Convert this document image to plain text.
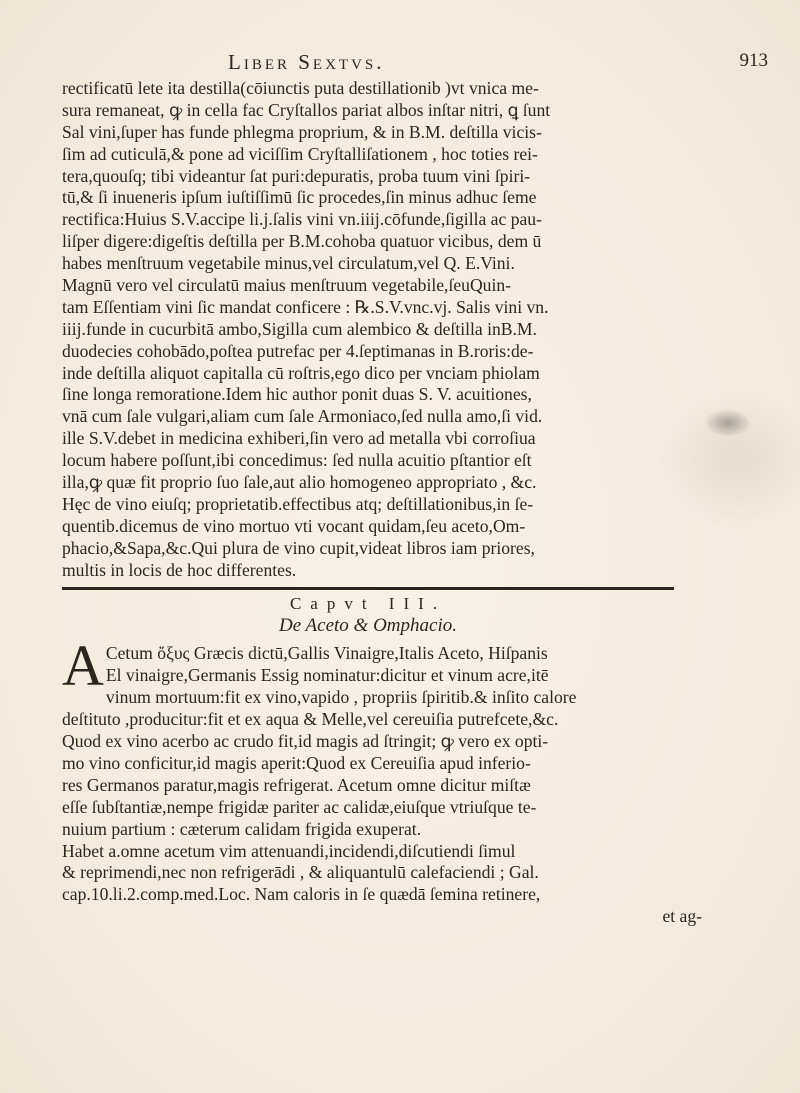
Liber Sextvs.	913
rectificatū lete ita destilla(cōiunctis puta destillationib )vt vnica me-
sura remaneat, ꝙ in cella fac Cryſtallos pariat albos inſtar nitri, ꝗ ſunt
Sal vini,ſuper has funde phlegma proprium, & in B.M. deſtilla vicis-
ſim ad cuticulā,& pone ad viciſſim Cryſtalliſationem , hoc toties rei-
tera,quouſq; tibi videantur ſat puri:depuratis, proba tuum vini ſpiri-
tū,& ſi inueneris ipſum iuſtiſſimū ſic procedes,ſin minus adhuc ſeme
rectifica:Huius S.V.accipe li.j.ſalis vini vn.iiij.cōfunde,ſigilla ac pau-
liſper digere:digeſtis deſtilla per B.M.cohoba quatuor vicibus, dem ū
habes menſtruum vegetabile minus,vel circulatum,vel Q. E.Vini.
Magnū vero vel circulatū maius menſtruum vegetabile,ſeuQuin-
tam Eſſentiam vini ſic mandat conficere : ℞.S.V.vnc.vj. Salis vini vn.
iiij.funde in cucurbitā ambo,Sigilla cum alembico & deſtilla inB.M.
duodecies cohobādo,poſtea putrefac per 4.ſeptimanas in B.roris:de-
inde deſtilla aliquot capitalla cū roſtris,ego dico per vnciam phiolam
ſine longa remoratione.Idem hic author ponit duas S. V. acuitiones,
vnā cum ſale vulgari,aliam cum ſale Armoniaco,ſed nulla amo,ſi vid.
ille S.V.debet in medicina exhiberi,ſin vero ad metalla vbi corroſiua
locum habere poſſunt,ibi concedimus: ſed nulla acuitio pſtantior eſt
illa,ꝙ quæ fit proprio ſuo ſale,aut alio homogeneo appropriato , &c.
Hęc de vino eiuſq; proprietatib.effectibus atq; deſtillationibus,in ſe-
quentib.dicemus de vino mortuo vti vocant quidam,ſeu aceto,Om-
phacio,&Sapa,&c.Qui plura de vino cupit,videat libros iam priores,
multis in locis de hoc differentes.
Capvt III.
De Aceto & Omphacio.
A Cetum ὄξυς Græcis dictū,Gallis Vinaigre,Italis Aceto, Hiſpanis
El vinaigre,Germanis Essig nominatur:dicitur et vinum acre,itē
vinum mortuum:fit ex vino,vapido , propriis ſpiritib.& inſito calore
deſtituto ,producitur:fit et ex aqua & Melle,vel cereuiſia putrefcete,&c.
Quod ex vino acerbo ac crudo fit,id magis ad ſtringit; ꝙ vero ex opti-
mo vino conficitur,id magis aperit:Quod ex Cereuiſia apud inferio-
res Germanos paratur,magis refrigerat. Acetum omne dicitur miſtæ
eſſe ſubſtantiæ,nempe frigidæ pariter ac calidæ,eiuſque vtriuſque te-
nuium partium : cæterum calidam frigida exuperat.
Habet a.omne acetum vim attenuandi,incidendi,diſcutiendi ſimul
& reprimendi,nec non refrigerādi , & aliquantulū calefaciendi ; Gal.
cap.10.li.2.comp.med.Loc. Nam caloris in ſe quædā ſemina retinere,
et ag-
